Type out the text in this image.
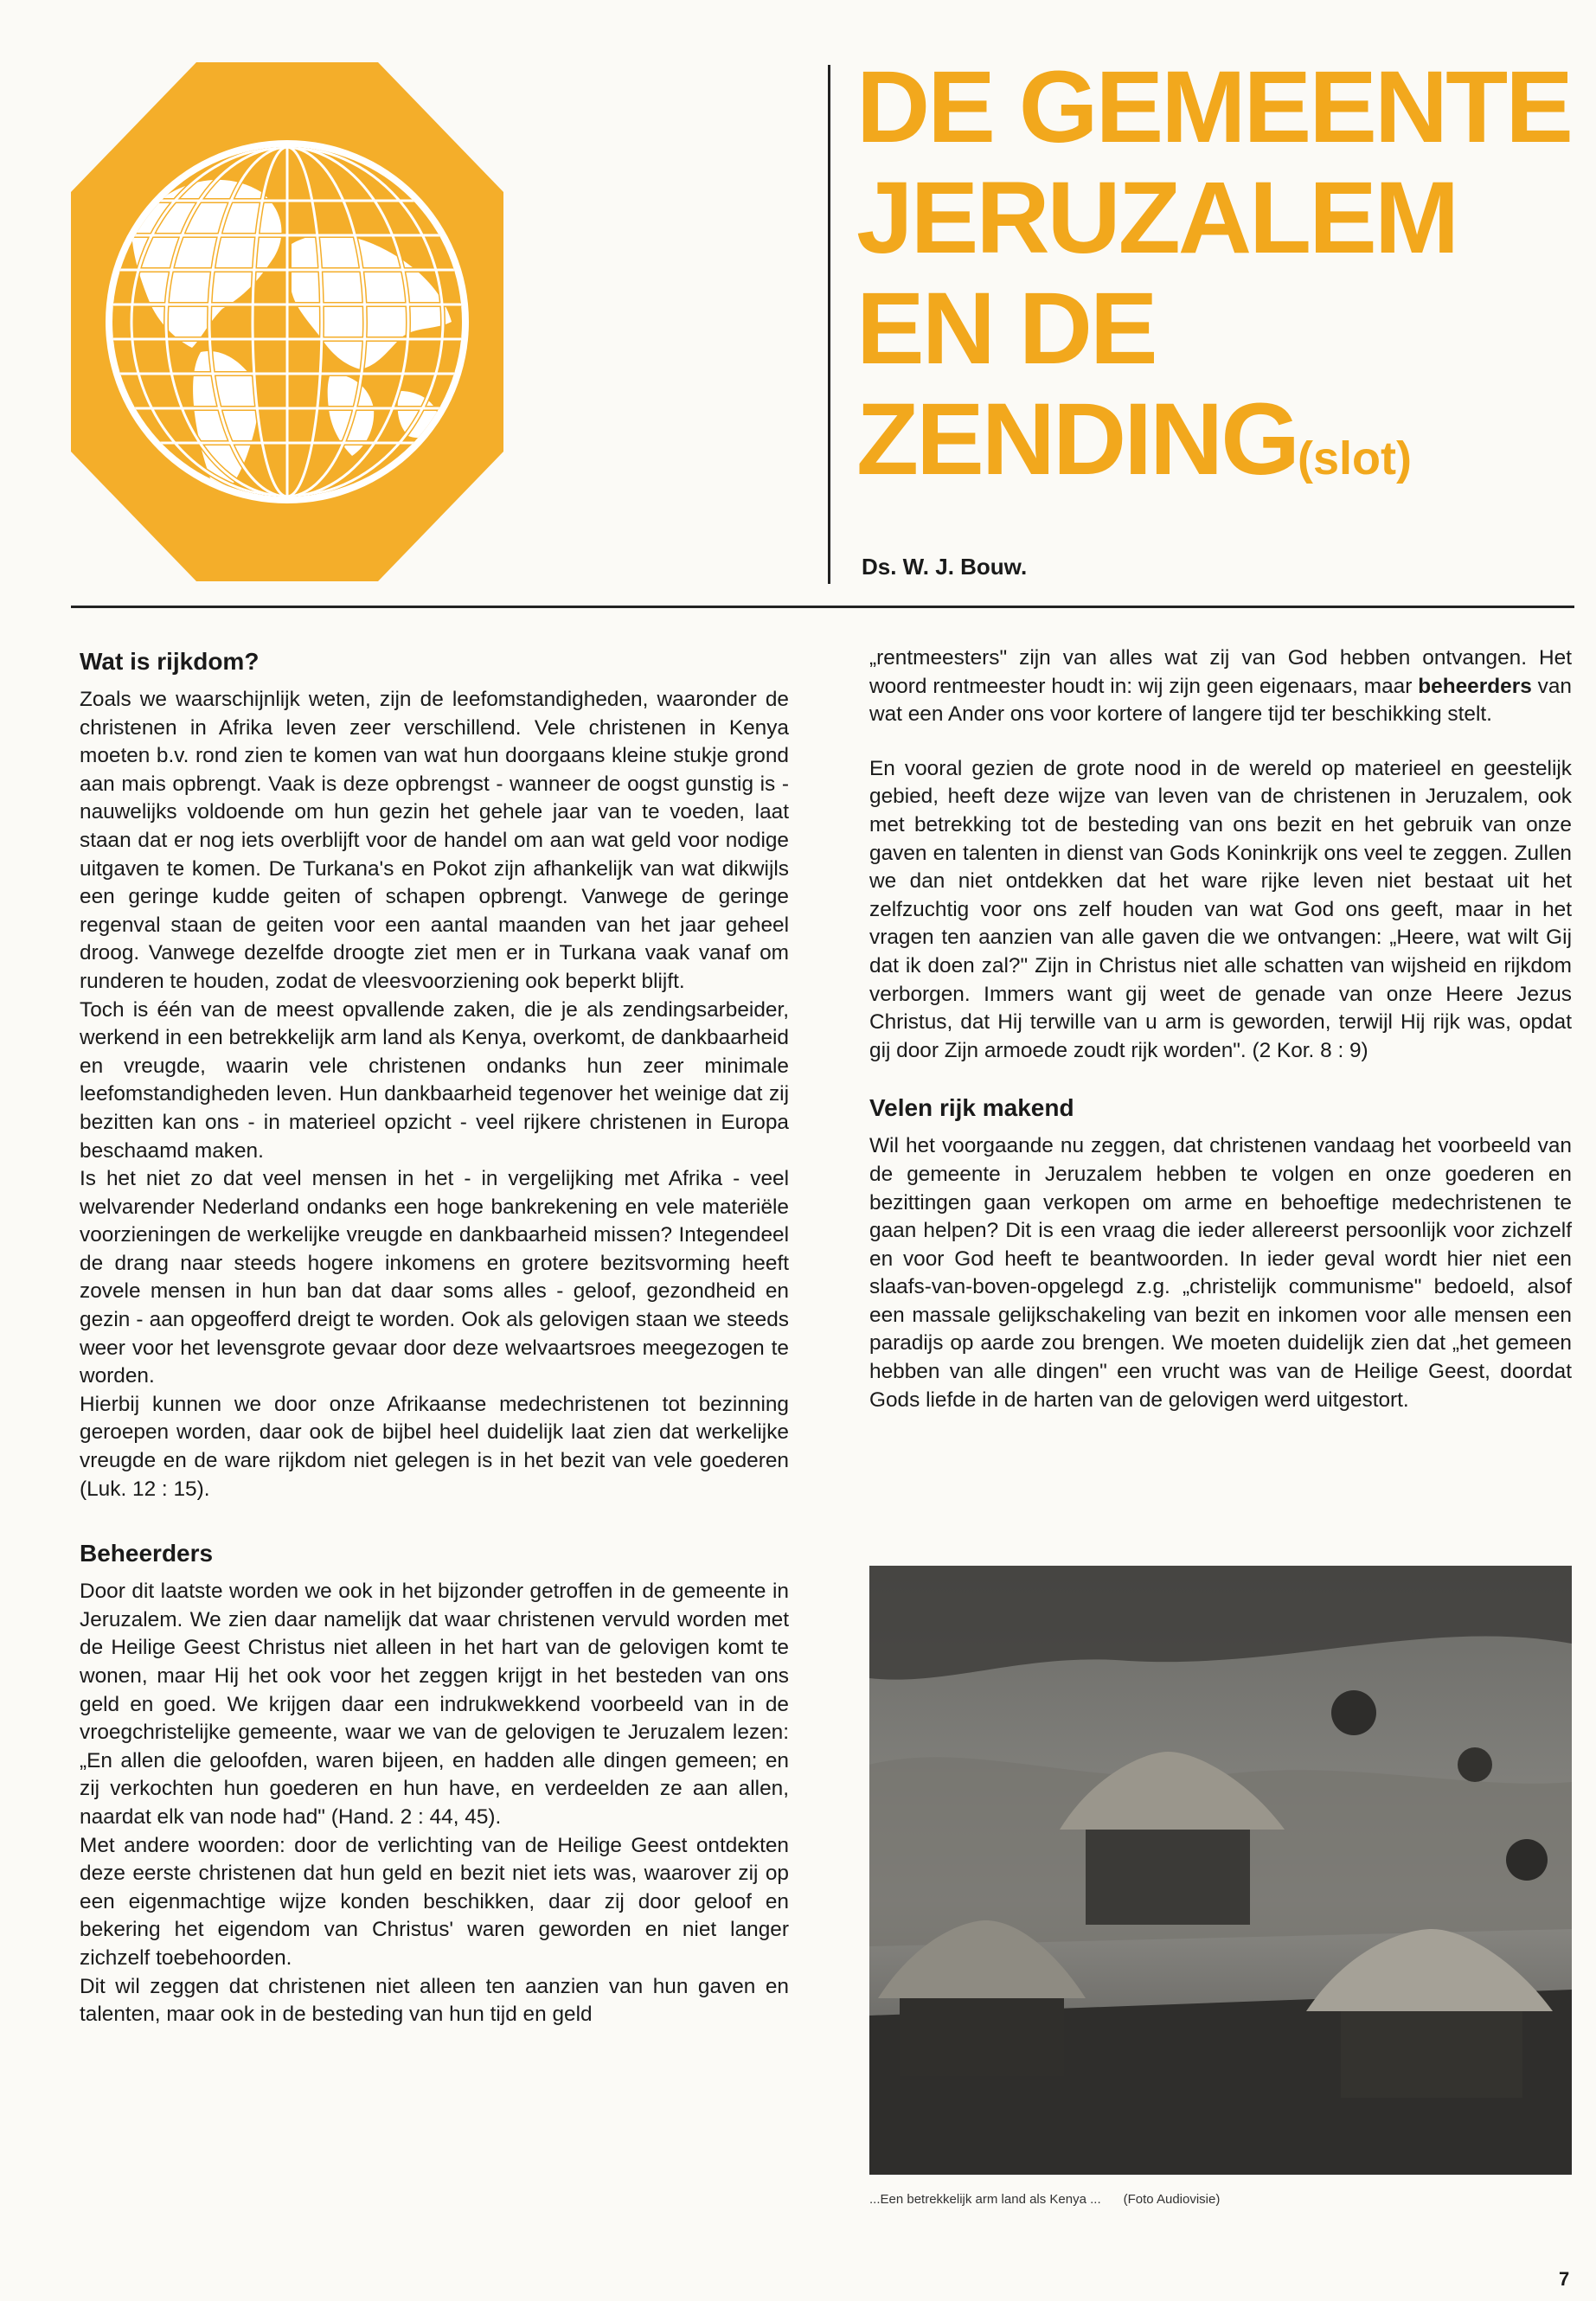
DE GEMEENTE
JERUZALEM
EN DE
ZENDING(slot)
Ds. W. J. Bouw.
Wat is rijkdom?

Zoals we waarschijnlijk weten, zijn de leefomstandigheden, waaronder de christenen in Afrika leven zeer verschillend. Vele christenen in Kenya moeten b.v. rond zien te komen van wat hun doorgaans kleine stukje grond aan mais opbrengt. Vaak is deze opbrengst - wanneer de oogst gunstig is - nauwelijks voldoende om hun gezin het gehele jaar van te voeden, laat staan dat er nog iets overblijft voor de handel om aan wat geld voor nodige uitgaven te komen. De Turkana's en Pokot zijn afhankelijk van wat dikwijls een geringe kudde geiten of schapen opbrengt. Vanwege de geringe regenval staan de geiten voor een aantal maanden van het jaar geheel droog. Vanwege dezelfde droogte ziet men er in Turkana vaak vanaf om runderen te houden, zodat de vleesvoorziening ook beperkt blijft.

Toch is één van de meest opvallende zaken, die je als zendingsarbeider, werkend in een betrekkelijk arm land als Kenya, overkomt, de dankbaarheid en vreugde, waarin vele christenen ondanks hun zeer minimale leefomstandigheden leven. Hun dankbaarheid tegenover het weinige dat zij bezitten kan ons - in materieel opzicht - veel rijkere christenen in Europa beschaamd maken.

Is het niet zo dat veel mensen in het - in vergelijking met Afrika - veel welvarender Nederland ondanks een hoge bankrekening en vele materiële voorzieningen de werkelijke vreugde en dankbaarheid missen? Integendeel de drang naar steeds hogere inkomens en grotere bezitsvorming heeft zovele mensen in hun ban dat daar soms alles - geloof, gezondheid en gezin - aan opgeofferd dreigt te worden. Ook als gelovigen staan we steeds weer voor het levensgrote gevaar door deze welvaartsroes meegezogen te worden.

Hierbij kunnen we door onze Afrikaanse medechristenen tot bezinning geroepen worden, daar ook de bijbel heel duidelijk laat zien dat werkelijke vreugde en de ware rijkdom niet gelegen is in het bezit van vele goederen (Luk. 12 : 15).

Beheerders

Door dit laatste worden we ook in het bijzonder getroffen in de gemeente in Jeruzalem. We zien daar namelijk dat waar christenen vervuld worden met de Heilige Geest Christus niet alleen in het hart van de gelovigen komt te wonen, maar Hij het ook voor het zeggen krijgt in het besteden van ons geld en goed. We krijgen daar een indrukwekkend voorbeeld van in de vroegchristelijke gemeente, waar we van de gelovigen te Jeruzalem lezen: „En allen die geloofden, waren bijeen, en hadden alle dingen gemeen; en zij verkochten hun goederen en hun have, en verdeelden ze aan allen, naardat elk van node had" (Hand. 2 : 44, 45).

Met andere woorden: door de verlichting van de Heilige Geest ontdekten deze eerste christenen dat hun geld en bezit niet iets was, waarover zij op een eigenmachtige wijze konden beschikken, daar zij door geloof en bekering het eigendom van Christus' waren geworden en niet langer zichzelf toebehoorden.

Dit wil zeggen dat christenen niet alleen ten aanzien van hun gaven en talenten, maar ook in de besteding van hun tijd en geld

„rentmeesters" zijn van alles wat zij van God hebben ontvangen. Het woord rentmeester houdt in: wij zijn geen eigenaars, maar beheerders van wat een Ander ons voor kortere of langere tijd ter beschikking stelt.

En vooral gezien de grote nood in de wereld op materieel en geestelijk gebied, heeft deze wijze van leven van de christenen in Jeruzalem, ook met betrekking tot de besteding van ons bezit en het gebruik van onze gaven en talenten in dienst van Gods Koninkrijk ons veel te zeggen. Zullen we dan niet ontdekken dat het ware rijke leven niet bestaat uit het zelfzuchtig voor ons zelf houden van wat God ons geeft, maar in het vragen ten aanzien van alle gaven die we ontvangen: „Heere, wat wilt Gij dat ik doen zal?" Zijn in Christus niet alle schatten van wijsheid en rijkdom verborgen. Immers want gij weet de genade van onze Heere Jezus Christus, dat Hij terwille van u arm is geworden, terwijl Hij rijk was, opdat gij door Zijn armoede zoudt rijk worden". (2 Kor. 8 : 9)

Velen rijk makend

Wil het voorgaande nu zeggen, dat christenen vandaag het voorbeeld van de gemeente in Jeruzalem hebben te volgen en onze goederen en bezittingen gaan verkopen om arme en behoeftige medechristenen te gaan helpen? Dit is een vraag die ieder allereerst persoonlijk voor zichzelf en voor God heeft te beantwoorden. In ieder geval wordt hier niet een slaafs-van-boven-opgelegd z.g. „christelijk communisme" bedoeld, alsof een massale gelijkschakeling van bezit en inkomen voor alle mensen een paradijs op aarde zou brengen. We moeten duidelijk zien dat „het gemeen hebben van alle dingen" een vrucht was van de Heilige Geest, doordat Gods liefde in de harten van de gelovigen werd uitgestort.

...Een betrekkelijk arm land als Kenya ... (Foto Audiovisie)
7
